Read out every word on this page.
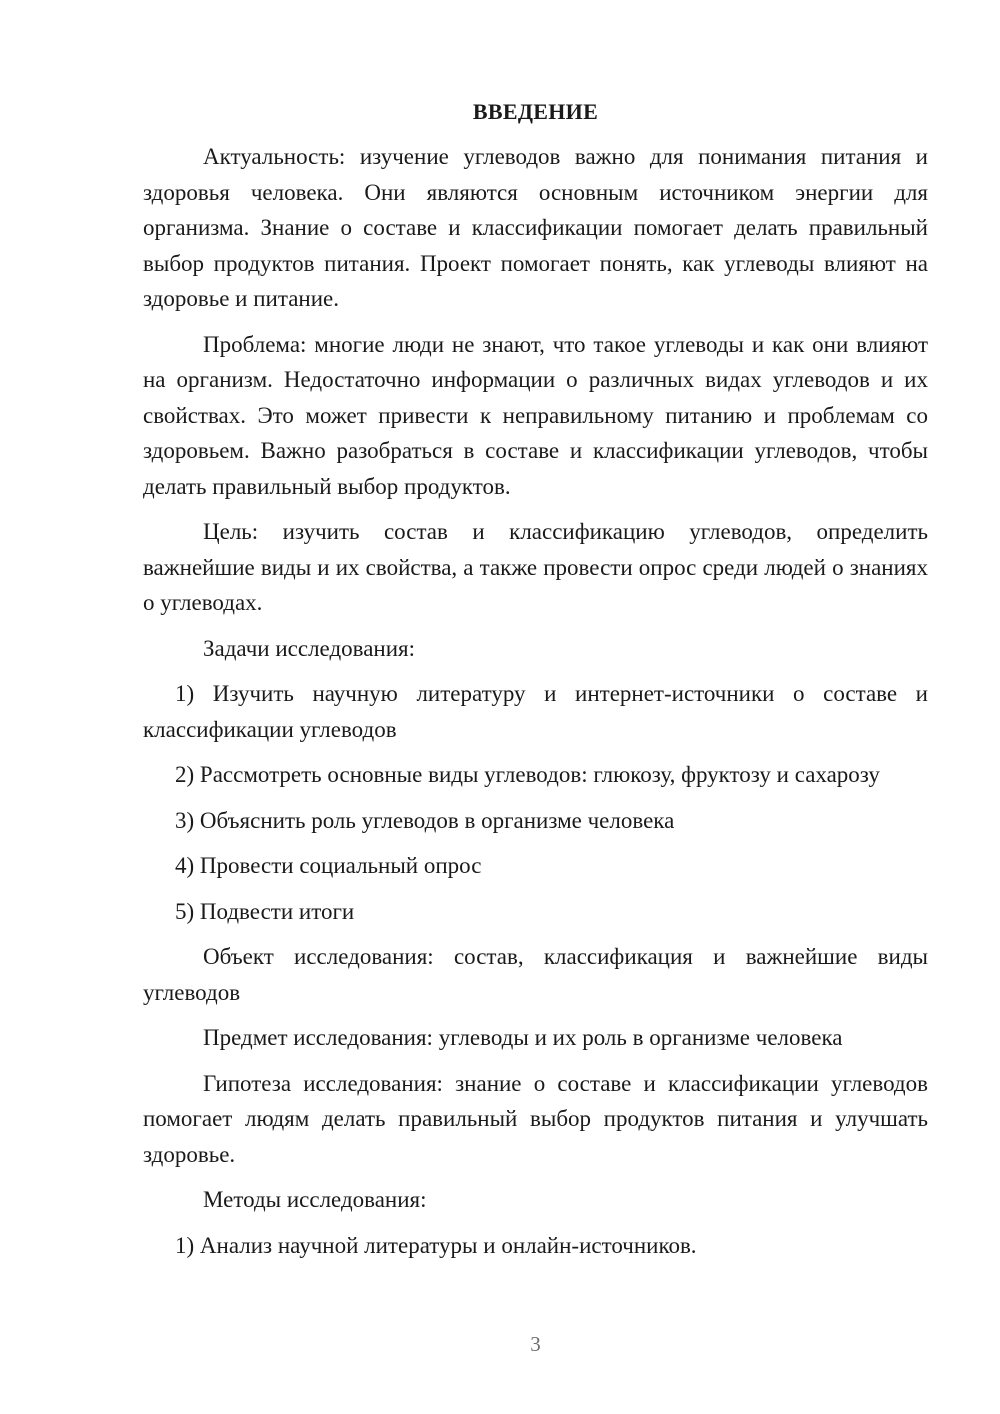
ВВЕДЕНИЕ

Актуальность: изучение углеводов важно для понимания питания и здоровья человека. Они являются основным источником энергии для организма. Знание о составе и классификации помогает делать правильный выбор продуктов питания. Проект помогает понять, как углеводы влияют на здоровье и питание.

Проблема: многие люди не знают, что такое углеводы и как они влияют на организм. Недостаточно информации о различных видах углеводов и их свойствах. Это может привести к неправильному питанию и проблемам со здоровьем. Важно разобраться в составе и классификации углеводов, чтобы делать правильный выбор продуктов.

Цель: изучить состав и классификацию углеводов, определить важнейшие виды и их свойства, а также провести опрос среди людей о знаниях о углеводах.

Задачи исследования:

1) Изучить научную литературу и интернет-источники о составе и классификации углеводов

2) Рассмотреть основные виды углеводов: глюкозу, фруктозу и сахарозу

3) Объяснить роль углеводов в организме человека

4) Провести социальный опрос

5) Подвести итоги

Объект исследования: состав, классификация и важнейшие виды углеводов

Предмет исследования: углеводы и их роль в организме человека

Гипотеза исследования: знание о составе и классификации углеводов помогает людям делать правильный выбор продуктов питания и улучшать здоровье.

Методы исследования:

1) Анализ научной литературы и онлайн-источников.

3
